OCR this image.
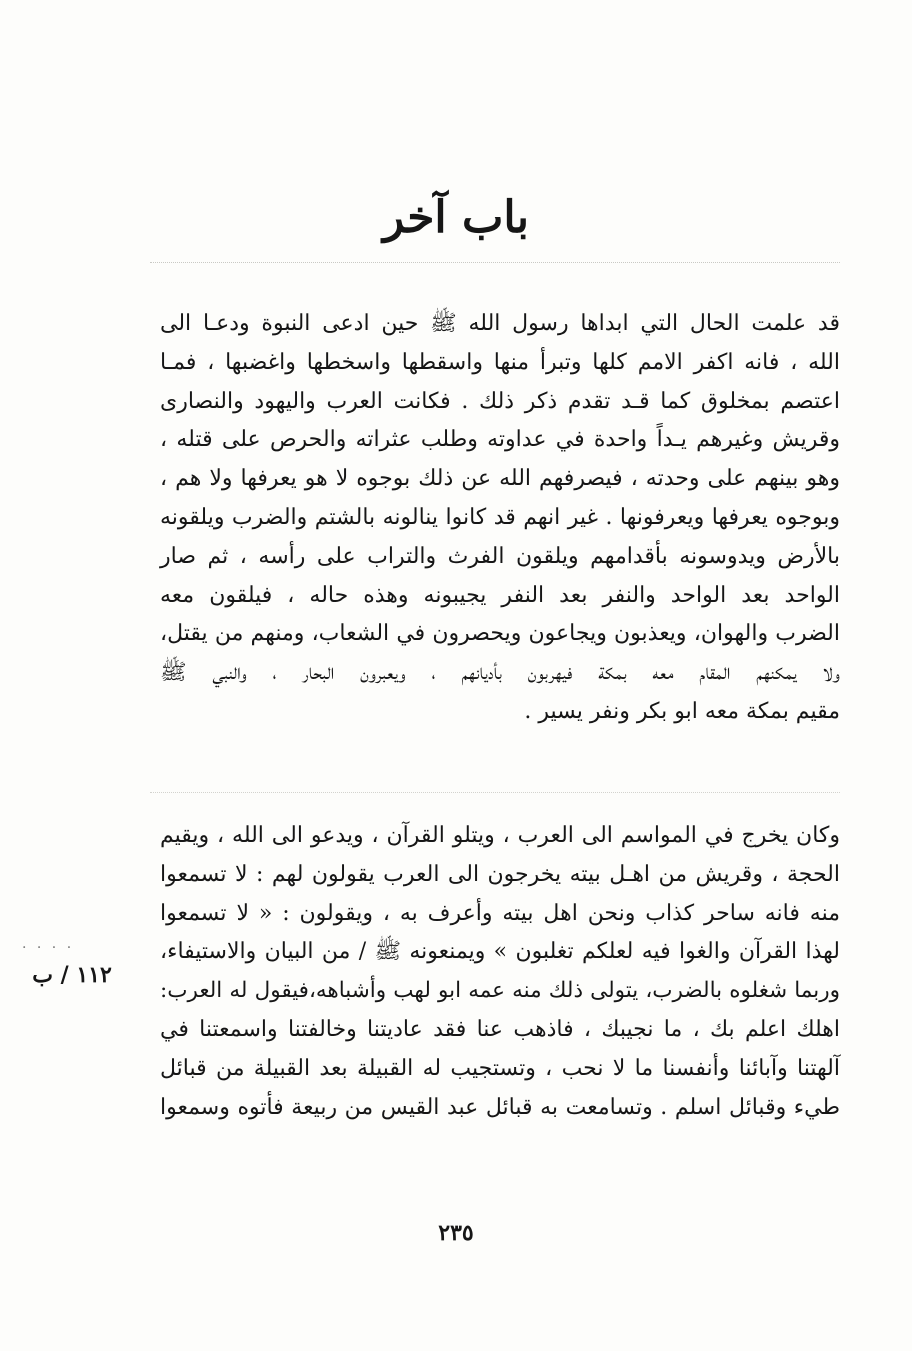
باب آخر
قد علمت الحال التي ابداها رسول الله ﷺ حين ادعى النبوة ودعـا الى
الله ، فانه اكفر الامم كلها وتبرأ منها واسقطها واسخطها واغضبها ، فمـا
اعتصم بمخلوق كما قـد تقدم ذكر ذلك . فكانت العرب واليهود والنصارى
وقريش وغيرهم يـداً واحدة في عداوته وطلب عثراته والحرص على قتله ،
وهو بينهم على وحدته ، فيصرفهم الله عن ذلك بوجوه لا هو يعرفها ولا هم ،
وبوجوه يعرفها ويعرفونها . غير انهم قد كانوا ينالونه بالشتم والضرب ويلقونه
بالأرض ويدوسونه بأقدامهم ويلقون الفرث والتراب على رأسه ، ثم صار
الواحد بعد الواحد والنفر بعد النفر يجيبونه وهذه حاله ، فيلقون معه
الضرب والهوان، ويعذبون ويجاعون ويحصرون في الشعاب، ومنهم من يقتل،
ولا يمكنهم المقام معه بمكة فيهربون بأديانهم ، ويعبرون البحار ، والنبي ﷺ
مقيم بمكة معه ابو بكر ونفر يسير .
وكان يخرج في المواسم الى العرب ، ويتلو القرآن ، ويدعو الى الله ، ويقيم
الحجة ، وقريش من اهـل بيته يخرجون الى العرب يقولون لهم : لا تسمعوا
منه فانه ساحر كذاب ونحن اهل بيته وأعرف به ، ويقولون : « لا تسمعوا
لهذا القرآن والغوا فيه لعلكم تغلبون » ويمنعونه ﷺ / من البيان والاستيفاء،
وربما شغلوه بالضرب، يتولى ذلك منه عمه ابو لهب وأشباهه،فيقول له العرب:
اهلك اعلم بك ، ما نجيبك ، فاذهب عنا فقد عاديتنا وخالفتنا واسمعتنا في
آلهتنا وآبائنا وأنفسنا ما لا نحب ، وتستجيب له القبيلة بعد القبيلة من قبائل
طيء وقبائل اسلم . وتسامعت به قبائل عبد القيس من ربيعة فأتوه وسمعوا
· · · ·
١١٢ / ب
٢٣٥
